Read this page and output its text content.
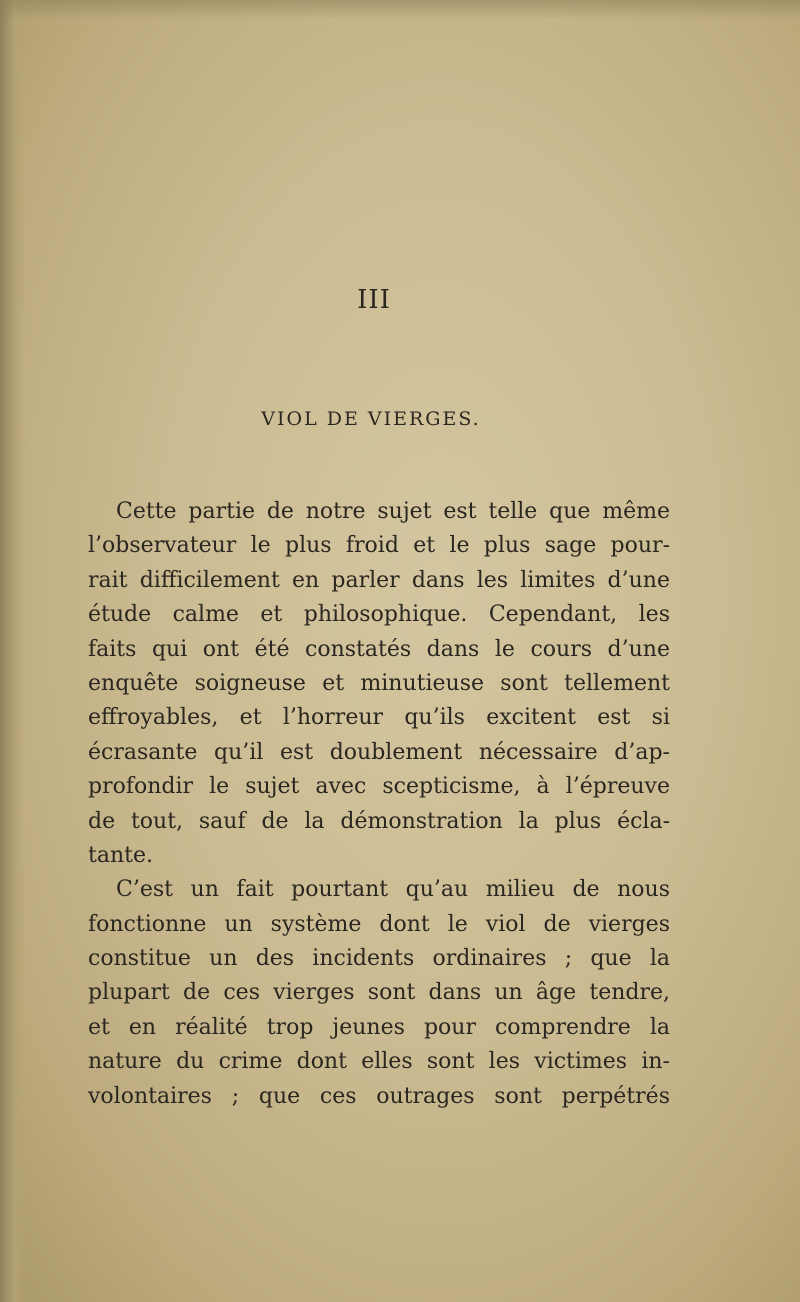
III
VIOL DE VIERGES.
Cette partie de notre sujet est telle que même
l’observateur le plus froid et le plus sage pour-
rait difficilement en parler dans les limites d’une
étude calme et philosophique. Cependant, les
faits qui ont été constatés dans le cours d’une
enquête soigneuse et minutieuse sont tellement
effroyables, et l’horreur qu’ils excitent est si
écrasante qu’il est doublement nécessaire d’ap-
profondir le sujet avec scepticisme, à l’épreuve
de tout, sauf de la démonstration la plus écla-
tante.
C’est un fait pourtant qu’au milieu de nous
fonctionne un système dont le viol de vierges
constitue un des incidents ordinaires ; que la
plupart de ces vierges sont dans un âge tendre,
et en réalité trop jeunes pour comprendre la
nature du crime dont elles sont les victimes in-
volontaires ; que ces outrages sont perpétrés
